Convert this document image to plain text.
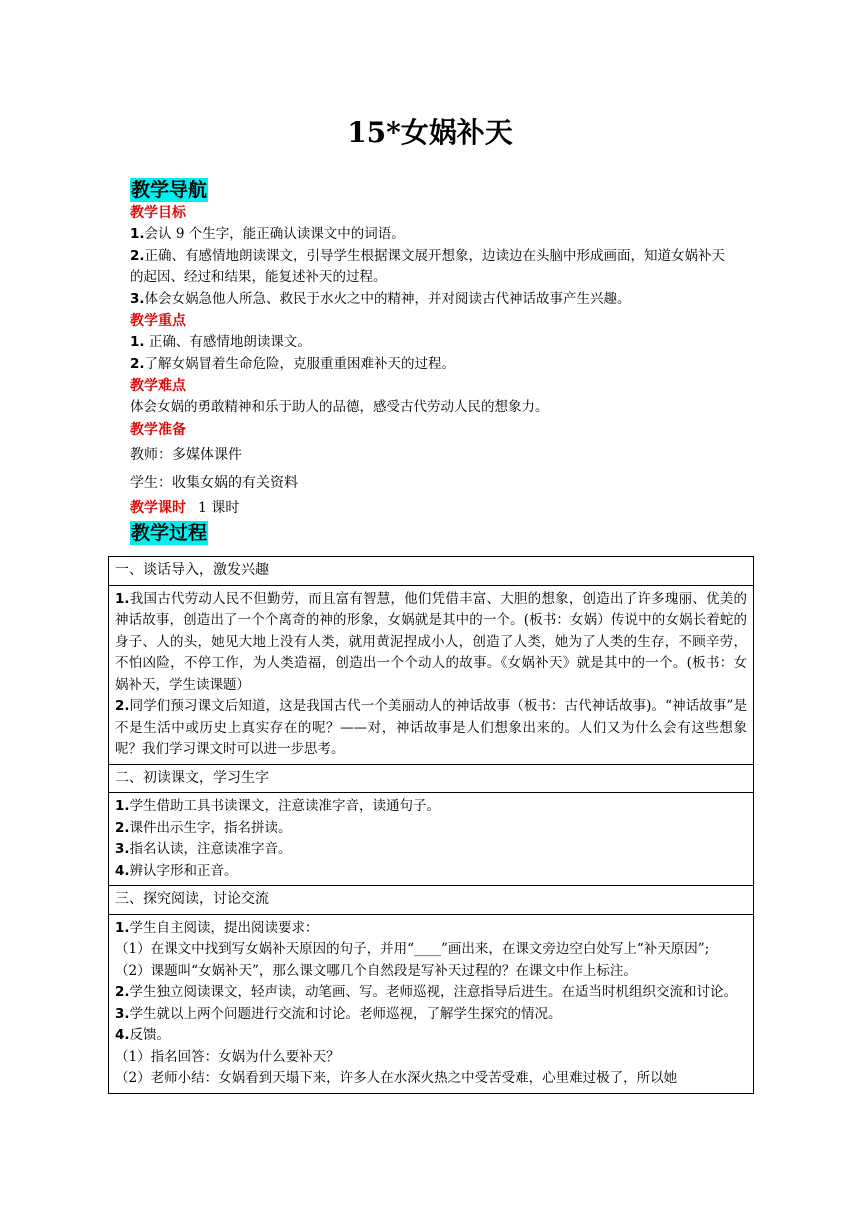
15*女娲补天
教学导航
教学目标
1.会认 9 个生字，能正确认读课文中的词语。
2.正确、有感情地朗读课文，引导学生根据课文展开想象，边读边在头脑中形成画面，知道女娲补天的起因、经过和结果，能复述补天的过程。
3.体会女娲急他人所急、救民于水火之中的精神，并对阅读古代神话故事产生兴趣。
教学重点
1. 正确、有感情地朗读课文。
2.了解女娲冒着生命危险，克服重重困难补天的过程。
教学难点
体会女娲的勇敢精神和乐于助人的品德，感受古代劳动人民的想象力。
教学准备
教师：多媒体课件
学生：收集女娲的有关资料
教学课时 1 课时
教学过程
一、谈话导入，激发兴趣

1.我国古代劳动人民不但勤劳，而且富有智慧，他们凭借丰富、大胆的想象，创造出了许多瑰丽、优美的神话故事，创造出了一个个离奇的神的形象，女娲就是其中的一个。(板书：女娲）传说中的女娲长着蛇的身子、人的头，她见大地上没有人类，就用黄泥捏成小人，创造了人类，她为了人类的生存，不顾辛劳，不怕凶险，不停工作，为人类造福，创造出一个个动人的故事。《女娲补天》就是其中的一个。(板书：女娲补天，学生读课题）
2.同学们预习课文后知道，这是我国古代一个美丽动人的神话故事（板书：古代神话故事)。“神话故事”是不是生活中或历史上真实存在的呢？——对，神话故事是人们想象出来的。人们又为什么会有这些想象呢？我们学习课文时可以进一步思考。

二、初读课文，学习生字

1.学生借助工具书读课文，注意读准字音，读通句子。
2.课件出示生字，指名拼读。
3.指名认读，注意读准字音。
4.辨认字形和正音。

三、探究阅读，讨论交流

1.学生自主阅读，提出阅读要求：
（1）在课文中找到写女娲补天原因的句子，并用“____”画出来，在课文旁边空白处写上“补天原因”;
（2）课题叫“女娲补天”，那么课文哪几个自然段是写补天过程的？在课文中作上标注。
2.学生独立阅读课文，轻声读，动笔画、写。老师巡视，注意指导后进生。在适当时机组织交流和讨论。
3.学生就以上两个问题进行交流和讨论。老师巡视，了解学生探究的情况。
4.反馈。
（1）指名回答：女娲为什么要补天？
（2）老师小结：女娲看到天塌下来，许多人在水深火热之中受苦受难，心里难过极了，所以她
